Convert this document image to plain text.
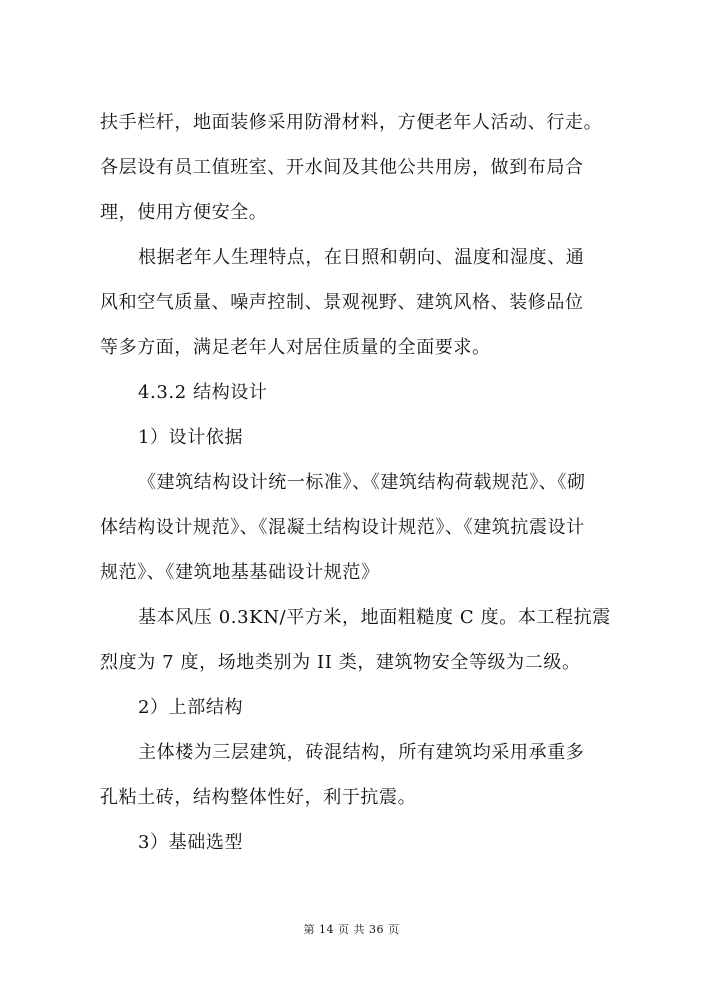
扶手栏杆，地面装修采用防滑材料，方便老年人活动、行走。
各层设有员工值班室、开水间及其他公共用房，做到布局合
理，使用方便安全。
根据老年人生理特点，在日照和朝向、温度和湿度、通
风和空气质量、噪声控制、景观视野、建筑风格、装修品位
等多方面，满足老年人对居住质量的全面要求。
4.3.2 结构设计
1）设计依据
《建筑结构设计统一标准》、《建筑结构荷载规范》、《砌
体结构设计规范》、《混凝土结构设计规范》、《建筑抗震设计
规范》、《建筑地基基础设计规范》
基本风压 0.3KN/平方米，地面粗糙度 C 度。本工程抗震
烈度为 7 度，场地类别为 II 类，建筑物安全等级为二级。
2）上部结构
主体楼为三层建筑，砖混结构，所有建筑均采用承重多
孔粘土砖，结构整体性好，利于抗震。
3）基础选型
第 14 页 共 36 页
